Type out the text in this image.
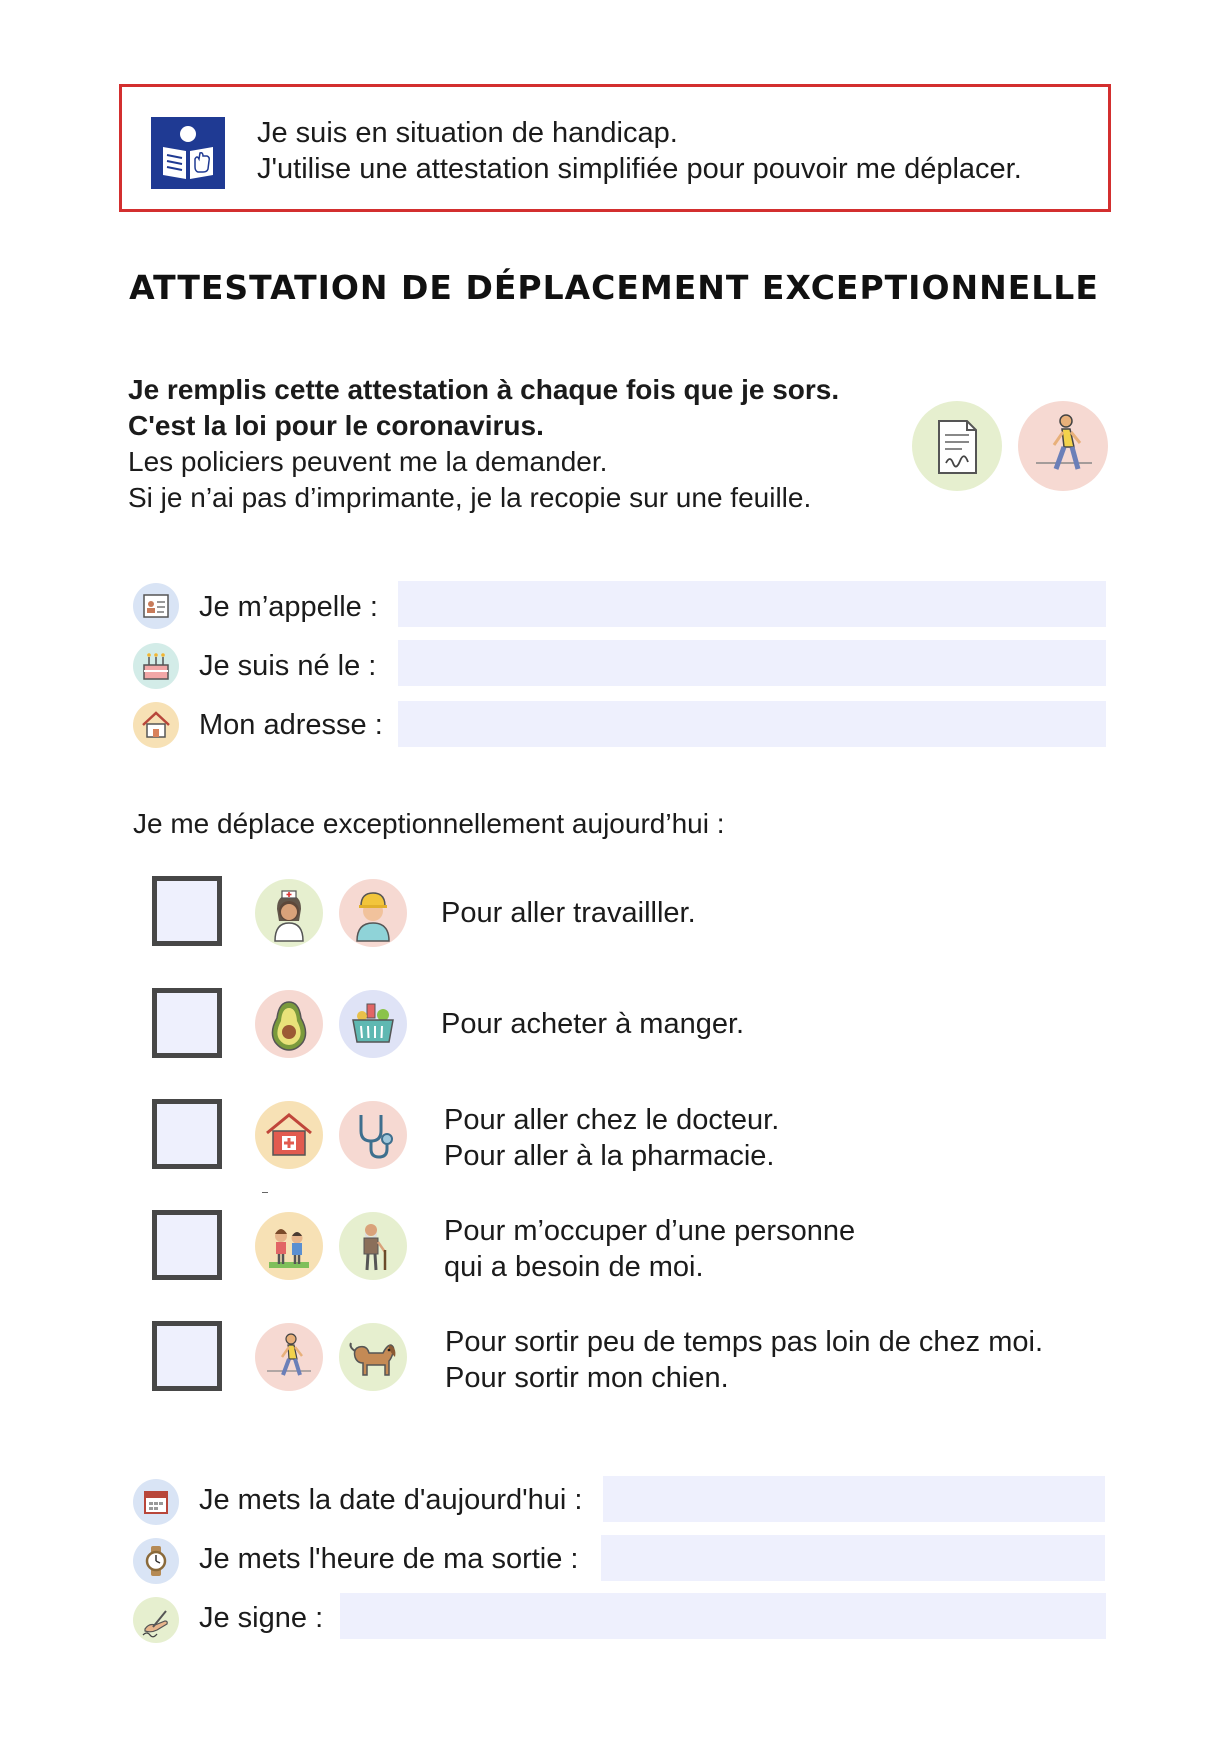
Je suis en situation de handicap.
J'utilise une attestation simplifiée pour pouvoir me déplacer.
ATTESTATION DE DÉPLACEMENT EXCEPTIONNELLE
Je remplis cette attestation à chaque fois que je sors.
C'est la loi pour le coronavirus.
Les policiers peuvent me la demander.
Si je n’ai pas d’imprimante, je la recopie sur une feuille.
Je m’appelle :
Je suis né le :
Mon adresse :
Je me déplace exceptionnellement aujourd’hui :
Pour aller travailller.
Pour acheter à manger.
Pour aller chez le docteur.
Pour aller à la pharmacie.
Pour m’occuper d’une personne
qui a besoin de moi.
Pour sortir peu de temps pas loin de chez moi.
Pour sortir mon chien.
Je mets la date d'aujourd'hui :
Je mets l'heure de ma sortie :
Je signe :
